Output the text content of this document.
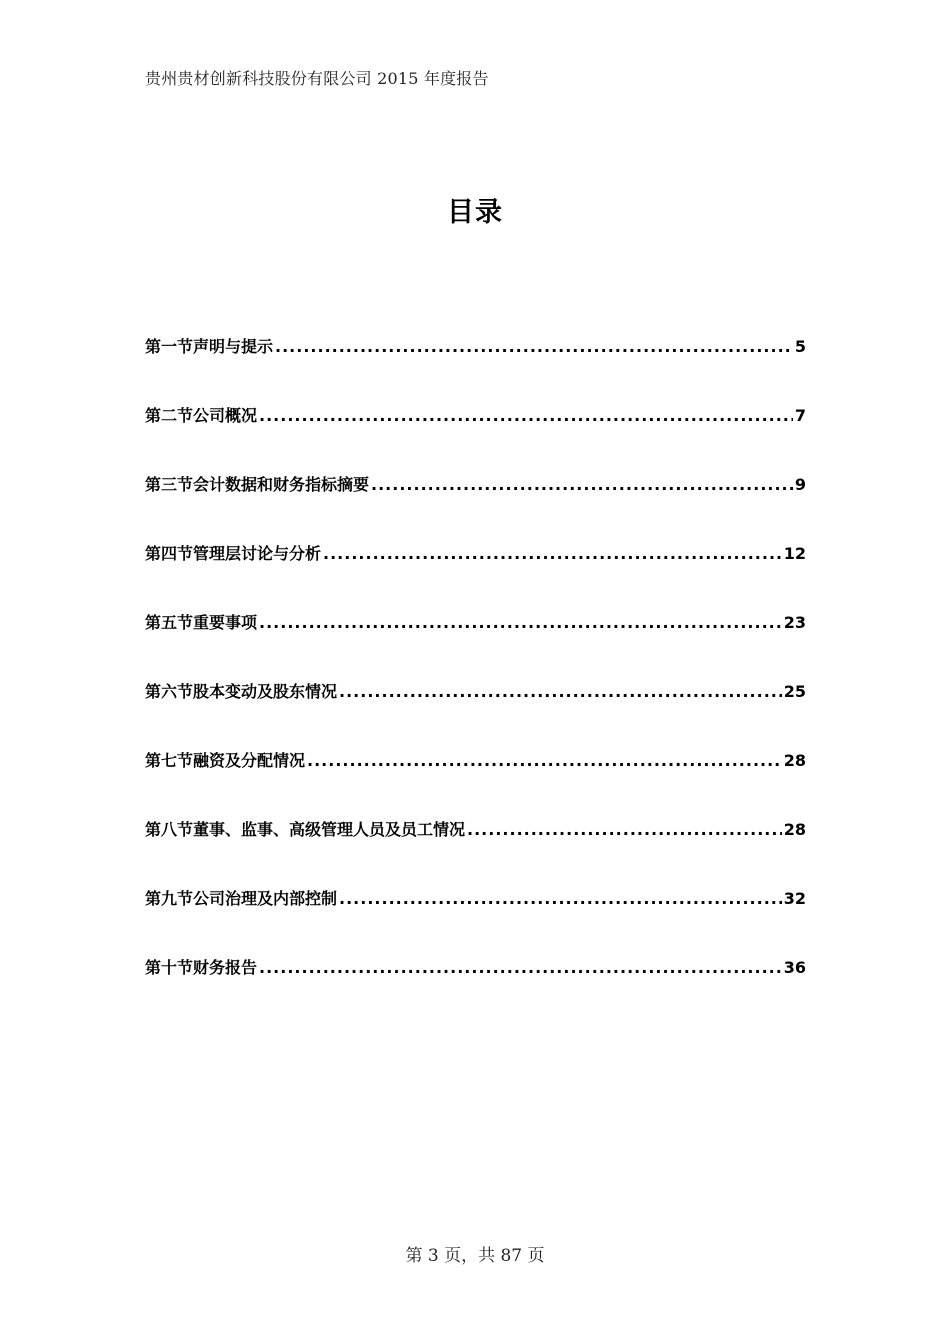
贵州贵材创新科技股份有限公司 2015 年度报告
目录
第一节声明与提示 .....	5
第二节公司概况 .....	7
第三节会计数据和财务指标摘要 .....	9
第四节管理层讨论与分析 .....	12
第五节重要事项 .....	23
第六节股本变动及股东情况 .....	25
第七节融资及分配情况 .....	28
第八节董事、监事、高级管理人员及员工情况 .....	28
第九节公司治理及内部控制 .....	32
第十节财务报告 .....	36
第 3 页，共 87 页
